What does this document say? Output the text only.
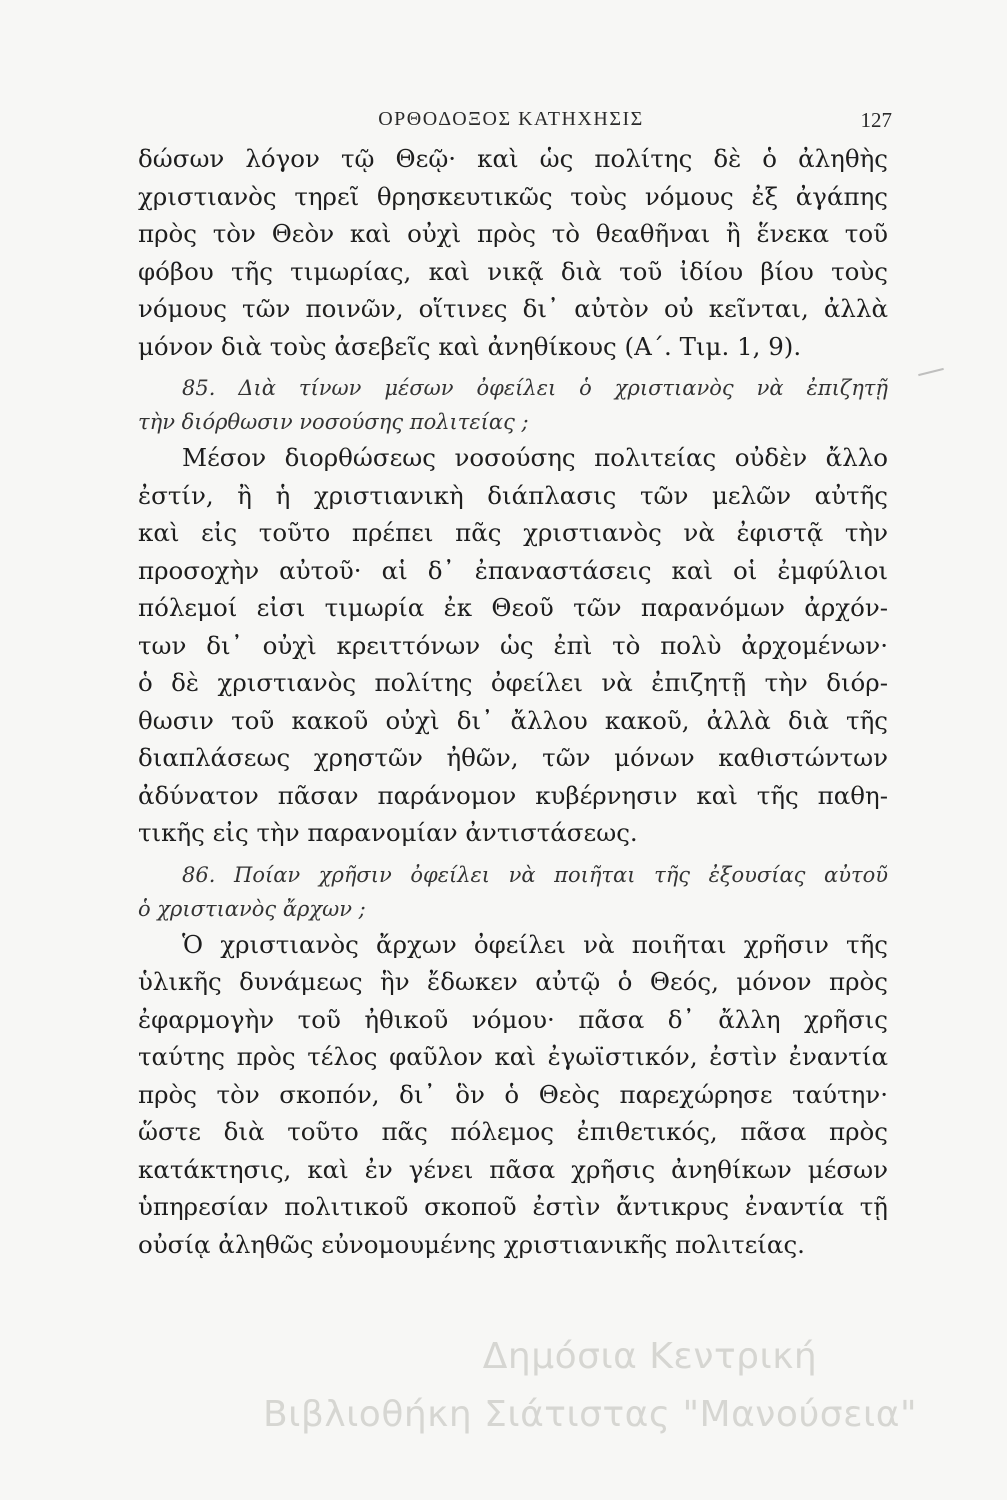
ΟΡΘΟΔΟΞΟΣ ΚΑΤΗΧΗΣΙΣ	127
δώσων λόγον τῷ Θεῷ· καὶ ὡς πολίτης δὲ ὁ ἀληθὴς
χριστιανὸς τηρεῖ θρησκευτικῶς τοὺς νόμους ἐξ ἀγάπης
πρὸς τὸν Θεὸν καὶ οὐχὶ πρὸς τὸ θεαθῆναι ἢ ἕνεκα τοῦ
φόβου τῆς τιμωρίας, καὶ νικᾷ διὰ τοῦ ἰδίου βίου τοὺς
νόμους τῶν ποινῶν, οἵτινες δι᾽ αὐτὸν οὐ κεῖνται, ἀλλὰ
μόνον διὰ τοὺς ἀσεβεῖς καὶ ἀνηθίκους (Α΄. Τιμ. 1, 9).
85. Διὰ τίνων μέσων ὀφείλει ὁ χριστιανὸς νὰ ἐπιζητῇ
τὴν διόρθωσιν νοσούσης πολιτείας ;
Μέσον διορθώσεως νοσούσης πολιτείας οὐδὲν ἄλλο
ἐστίν, ἢ ἡ χριστιανικὴ διάπλασις τῶν μελῶν αὐτῆς
καὶ εἰς τοῦτο πρέπει πᾶς χριστιανὸς νὰ ἐφιστᾷ τὴν
προσοχὴν αὐτοῦ· αἱ δ᾽ ἐπαναστάσεις καὶ οἱ ἐμφύλιοι
πόλεμοί εἰσι τιμωρία ἐκ Θεοῦ τῶν παρανόμων ἀρχόν-
των δι᾽ οὐχὶ κρειττόνων ὡς ἐπὶ τὸ πολὺ ἀρχομένων·
ὁ δὲ χριστιανὸς πολίτης ὀφείλει νὰ ἐπιζητῇ τὴν διόρ-
θωσιν τοῦ κακοῦ οὐχὶ δι᾽ ἄλλου κακοῦ, ἀλλὰ διὰ τῆς
διαπλάσεως χρηστῶν ἠθῶν, τῶν μόνων καθιστώντων
ἀδύνατον πᾶσαν παράνομον κυβέρνησιν καὶ τῆς παθη-
τικῆς εἰς τὴν παρανομίαν ἀντιστάσεως.
86. Ποίαν χρῆσιν ὀφείλει νὰ ποιῆται τῆς ἐξουσίας αὐτοῦ
ὁ χριστιανὸς ἄρχων ;
Ὁ χριστιανὸς ἄρχων ὀφείλει νὰ ποιῆται χρῆσιν τῆς
ὑλικῆς δυνάμεως ἣν ἔδωκεν αὐτῷ ὁ Θεός, μόνον πρὸς
ἐφαρμογὴν τοῦ ἠθικοῦ νόμου· πᾶσα δ᾽ ἄλλη χρῆσις
ταύτης πρὸς τέλος φαῦλον καὶ ἐγωϊστικόν, ἐστὶν ἐναντία
πρὸς τὸν σκοπόν, δι᾽ ὃν ὁ Θεὸς παρεχώρησε ταύτην·
ὥστε διὰ τοῦτο πᾶς πόλεμος ἐπιθετικός, πᾶσα πρὸς
κατάκτησις, καὶ ἐν γένει πᾶσα χρῆσις ἀνηθίκων μέσων
ὑπηρεσίαν πολιτικοῦ σκοποῦ ἐστὶν ἄντικρυς ἐναντία τῇ
οὐσίᾳ ἀληθῶς εὐνομουμένης χριστιανικῆς πολιτείας.
Δημόσια Κεντρική
Βιβλιοθήκη Σιάτιστας "Μανούσεια"
